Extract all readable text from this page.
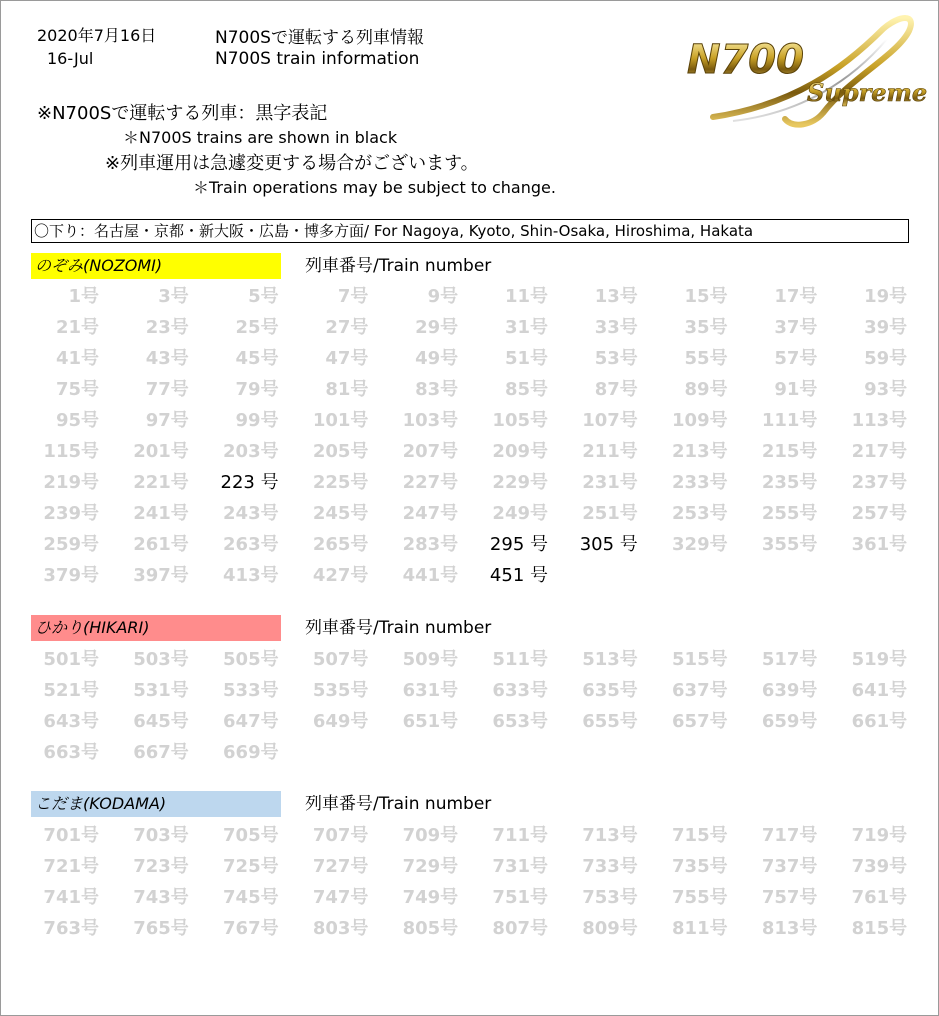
2020年7月16日
16-Jul
N700Sで運転する列車情報
N700S train information
※N700Sで運転する列車：黒字表記
＊N700S trains are shown in black
※列車運用は急遽変更する場合がございます。
＊Train operations may be subject to change.
N700
Supreme
〇下り：名古屋・京都・新大阪・広島・博多方面/ For Nagoya, Kyoto, Shin-Osaka, Hiroshima, Hakata
のぞみ(NOZOMI)	列車番号/Train number
1号	3号	5号	7号	9号	11号	13号	15号	17号	19号
21号	23号	25号	27号	29号	31号	33号	35号	37号	39号
41号	43号	45号	47号	49号	51号	53号	55号	57号	59号
75号	77号	79号	81号	83号	85号	87号	89号	91号	93号
95号	97号	99号	101号	103号	105号	107号	109号	111号	113号
115号	201号	203号	205号	207号	209号	211号	213号	215号	217号
219号	221号	223 号	225号	227号	229号	231号	233号	235号	237号
239号	241号	243号	245号	247号	249号	251号	253号	255号	257号
259号	261号	263号	265号	283号	295 号	305 号	329号	355号	361号
379号	397号	413号	427号	441号	451 号
ひかり(HIKARI)	列車番号/Train number
501号	503号	505号	507号	509号	511号	513号	515号	517号	519号
521号	531号	533号	535号	631号	633号	635号	637号	639号	641号
643号	645号	647号	649号	651号	653号	655号	657号	659号	661号
663号	667号	669号
こだま(KODAMA)	列車番号/Train number
701号	703号	705号	707号	709号	711号	713号	715号	717号	719号
721号	723号	725号	727号	729号	731号	733号	735号	737号	739号
741号	743号	745号	747号	749号	751号	753号	755号	757号	761号
763号	765号	767号	803号	805号	807号	809号	811号	813号	815号
